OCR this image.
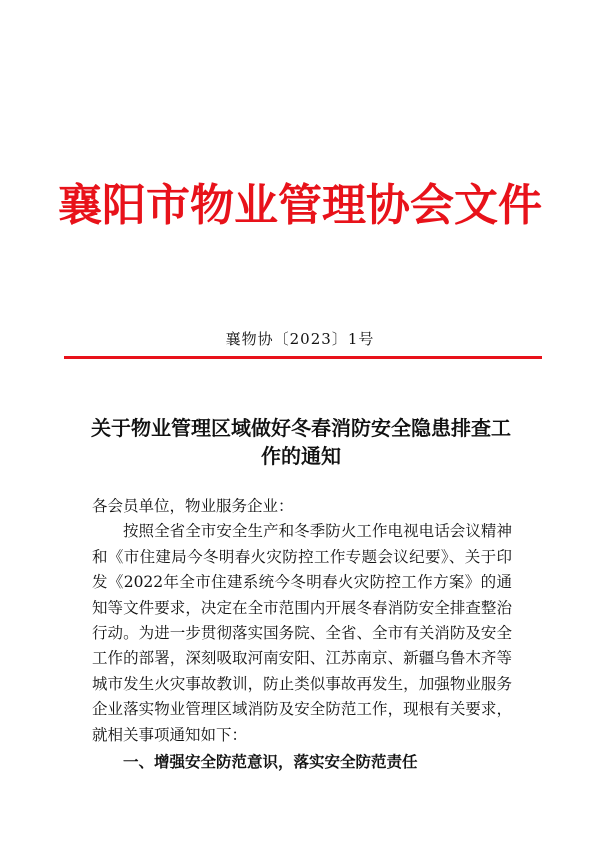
襄阳市物业管理协会文件
襄物协〔2023〕1号
关于物业管理区域做好冬春消防安全隐患排查工作的通知

各会员单位，物业服务企业：

按照全省全市安全生产和冬季防火工作电视电话会议精神和《市住建局今冬明春火灾防控工作专题会议纪要》、关于印发《2022年全市住建系统今冬明春火灾防控工作方案》的通知等文件要求，决定在全市范围内开展冬春消防安全排查整治行动。为进一步贯彻落实国务院、全省、全市有关消防及安全工作的部署，深刻吸取河南安阳、江苏南京、新疆乌鲁木齐等城市发生火灾事故教训，防止类似事故再发生，加强物业服务企业落实物业管理区域消防及安全防范工作，现根有关要求，就相关事项通知如下：

一、增强安全防范意识，落实安全防范责任
